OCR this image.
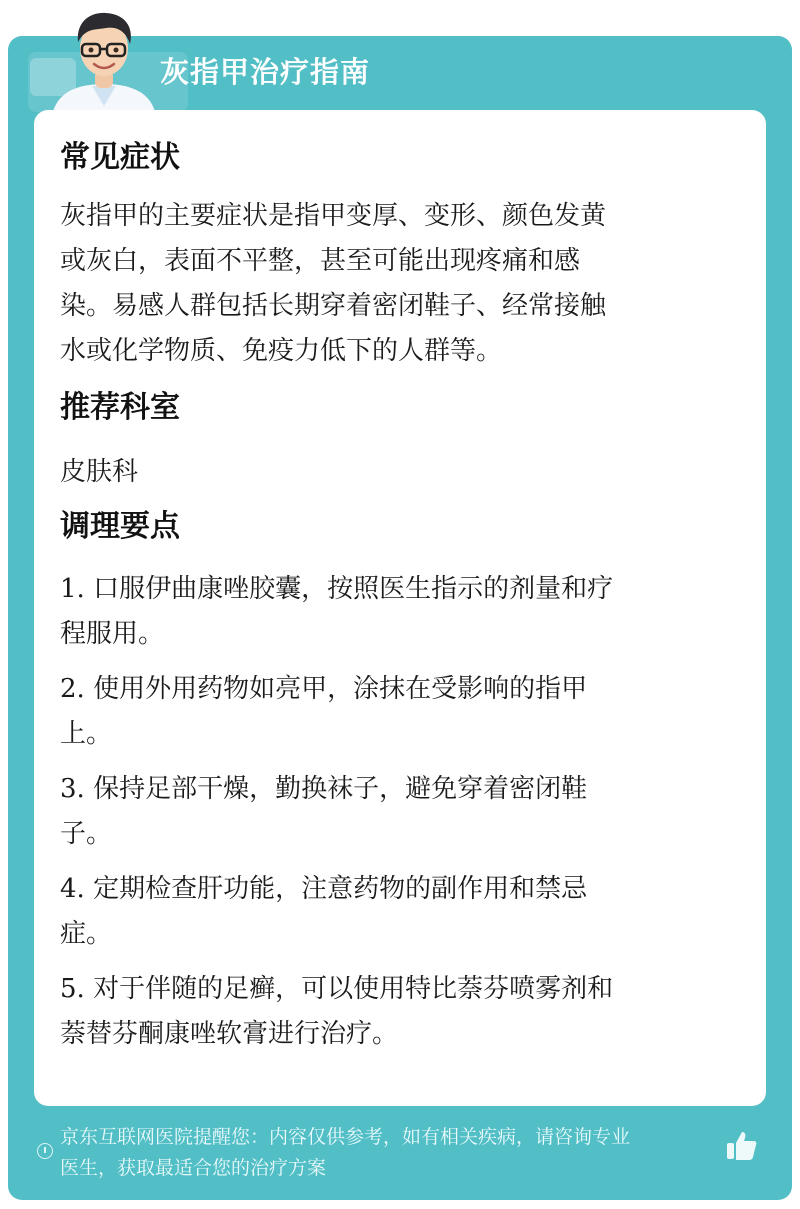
灰指甲治疗指南
常见症状

灰指甲的主要症状是指甲变厚、变形、颜色发黄

或灰白，表面不平整，甚至可能出现疼痛和感

染。易感人群包括长期穿着密闭鞋子、经常接触

水或化学物质、免疫力低下的人群等。

推荐科室

皮肤科

调理要点

1. 口服伊曲康唑胶囊，按照医生指示的剂量和疗

程服用。

2. 使用外用药物如亮甲，涂抹在受影响的指甲

上。

3. 保持足部干燥，勤换袜子，避免穿着密闭鞋

子。

4. 定期检查肝功能，注意药物的副作用和禁忌

症。

5. 对于伴随的足癣，可以使用特比萘芬喷雾剂和

萘替芬酮康唑软膏进行治疗。

京东互联网医院提醒您：内容仅供参考，如有相关疾病，请咨询专业
医生，获取最适合您的治疗方案
